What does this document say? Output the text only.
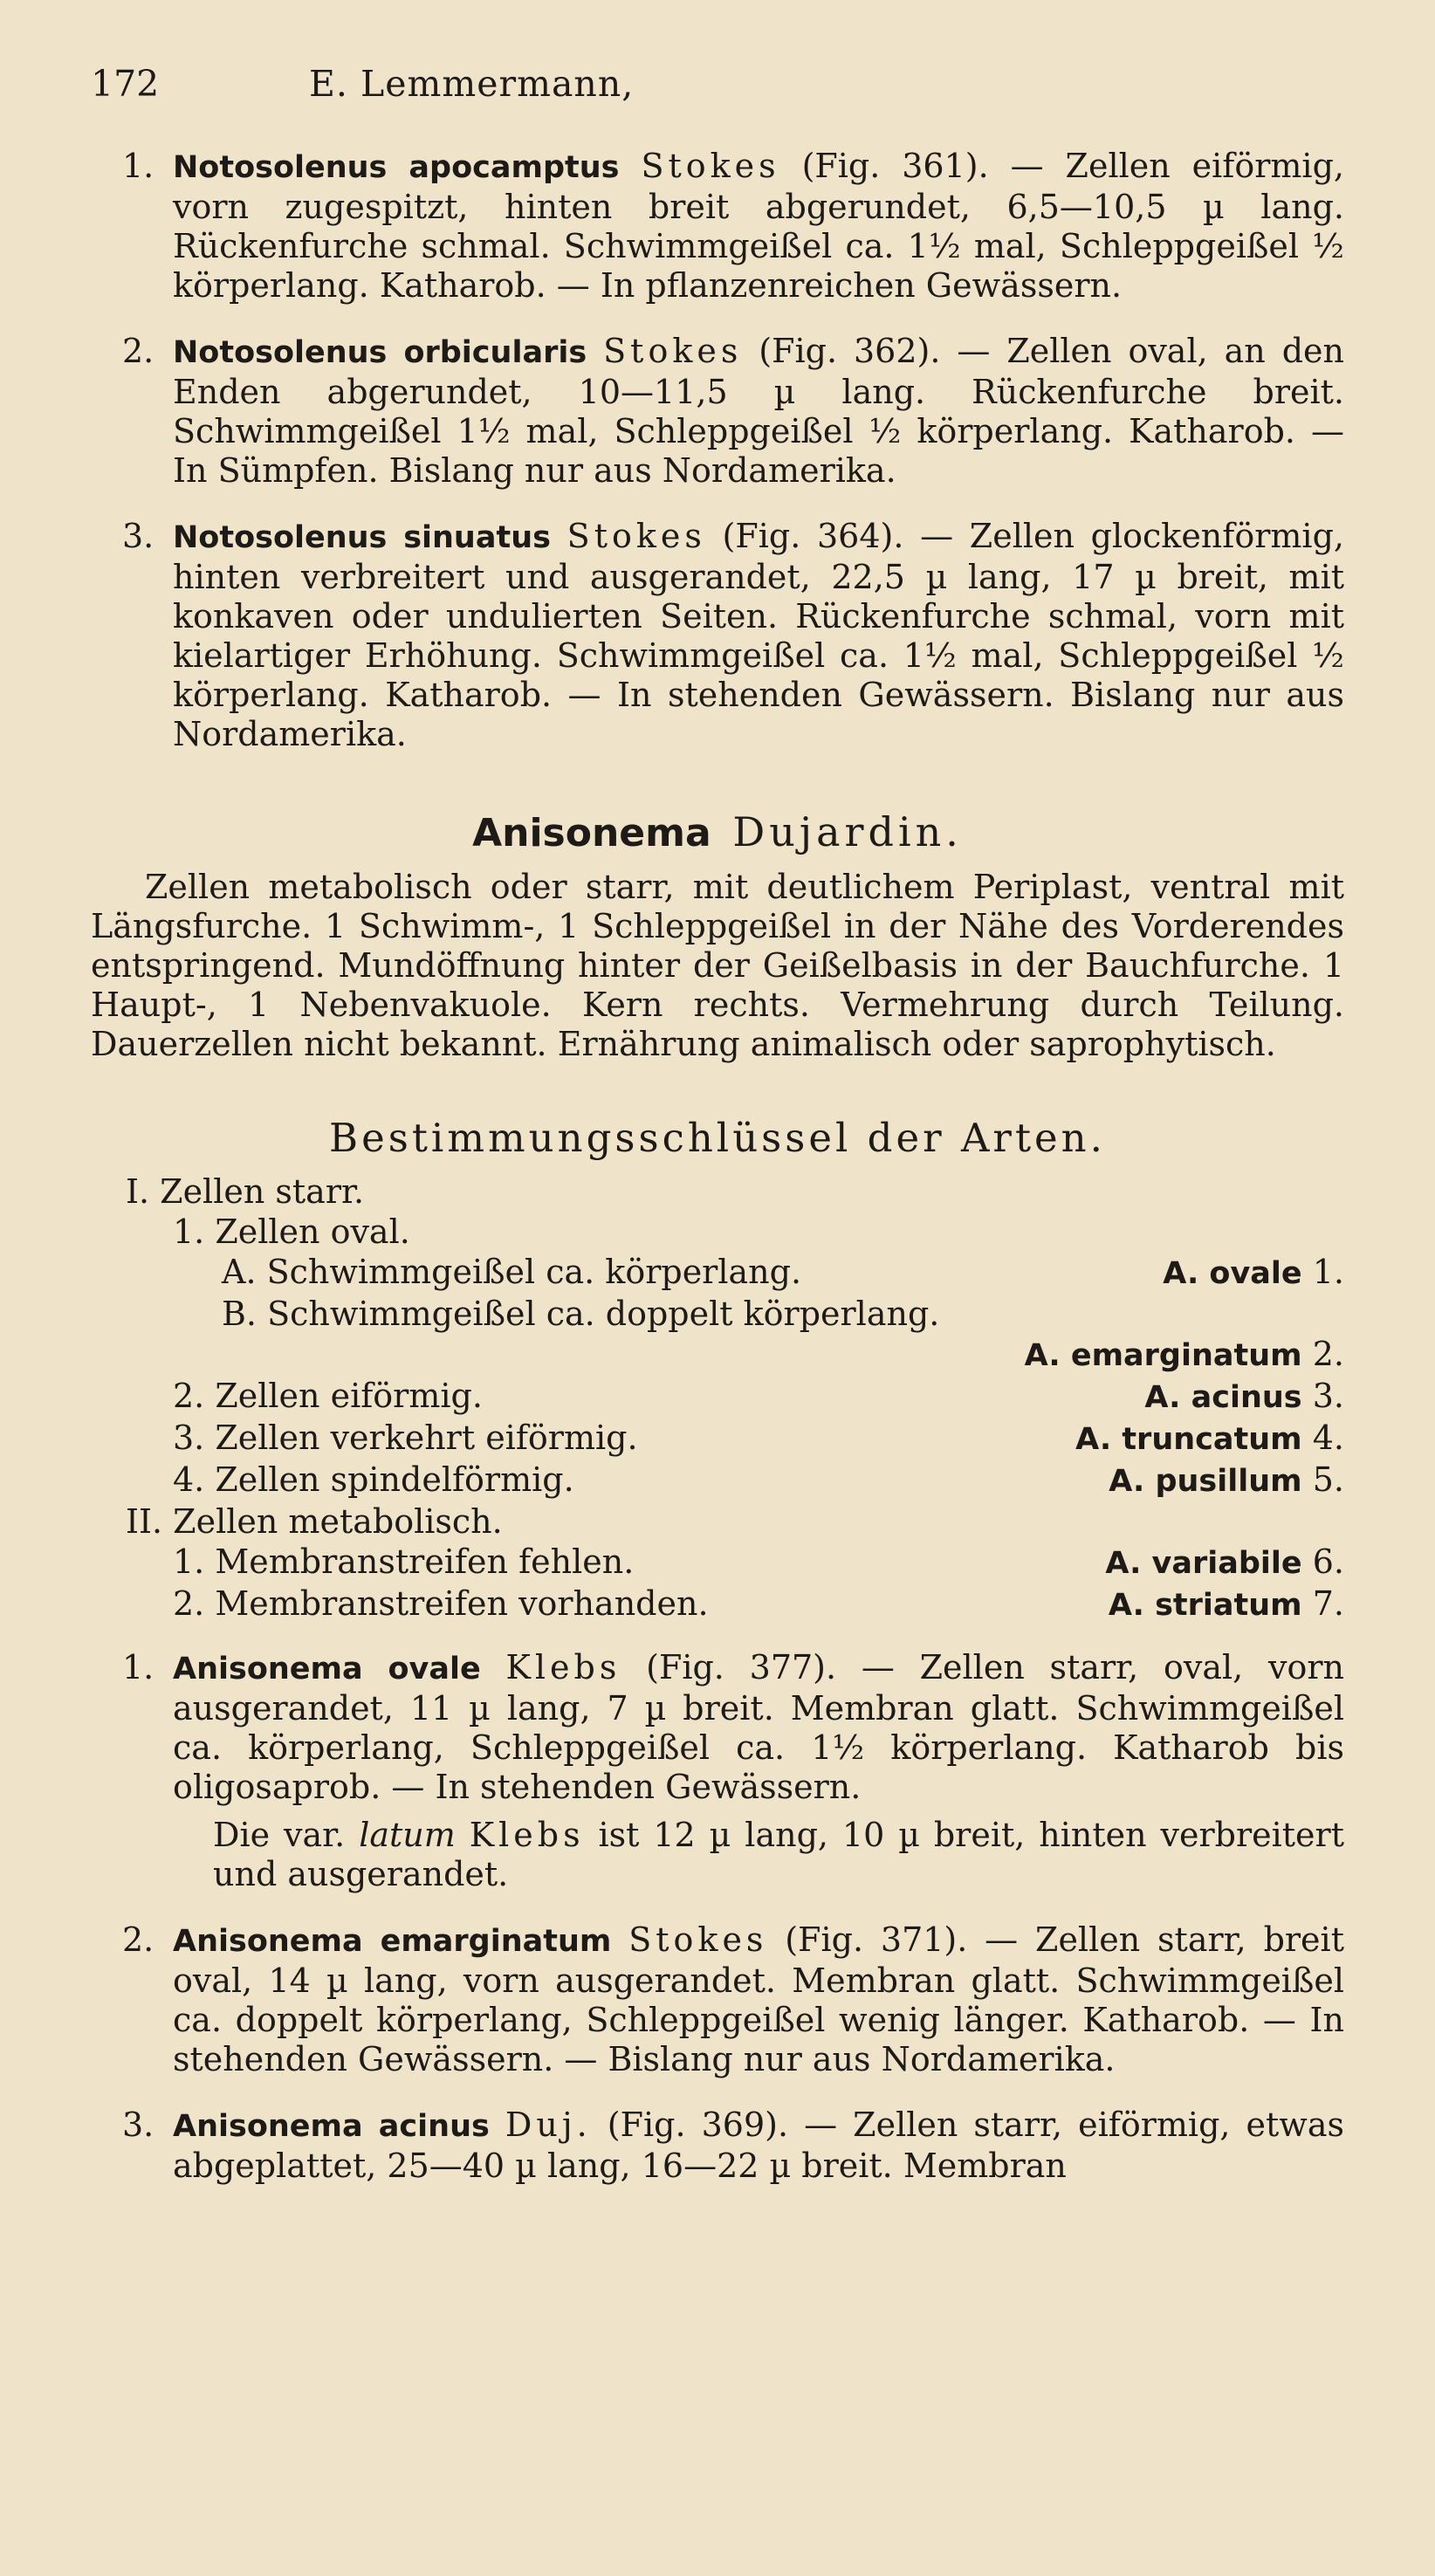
172	E. Lemmermann,
1. Notosolenus apocamptus Stokes (Fig. 361). — Zellen eiförmig, vorn zugespitzt, hinten breit abgerundet, 6,5—10,5 µ lang. Rückenfurche schmal. Schwimmgeißel ca. 1½ mal, Schleppgeißel ½ körperlang. Katharob. — In pflanzenreichen Gewässern.
2. Notosolenus orbicularis Stokes (Fig. 362). — Zellen oval, an den Enden abgerundet, 10—11,5 µ lang. Rückenfurche breit. Schwimmgeißel 1½ mal, Schleppgeißel ½ körperlang. Katharob. — In Sümpfen. Bislang nur aus Nordamerika.
3. Notosolenus sinuatus Stokes (Fig. 364). — Zellen glockenförmig, hinten verbreitert und ausgerandet, 22,5 µ lang, 17 µ breit, mit konkaven oder undulierten Seiten. Rückenfurche schmal, vorn mit kielartiger Erhöhung. Schwimmgeißel ca. 1½ mal, Schleppgeißel ½ körperlang. Katharob. — In stehenden Gewässern. Bislang nur aus Nordamerika.
Anisonema Dujardin.

Zellen metabolisch oder starr, mit deutlichem Periplast, ventral mit Längsfurche. 1 Schwimm-, 1 Schleppgeißel in der Nähe des Vorderendes entspringend. Mundöffnung hinter der Geißelbasis in der Bauchfurche. 1 Haupt-, 1 Nebenvakuole. Kern rechts. Vermehrung durch Teilung. Dauerzellen nicht bekannt. Ernährung animalisch oder saprophytisch.

Bestimmungsschlüssel der Arten.
I. Zellen starr.
1. Zellen oval.
A. Schwimmgeißel ca. körperlang.	A. ovale 1.
B. Schwimmgeißel ca. doppelt körperlang.
A. emarginatum 2.
2. Zellen eiförmig.	A. acinus 3.
3. Zellen verkehrt eiförmig.	A. truncatum 4.
4. Zellen spindelförmig.	A. pusillum 5.
II. Zellen metabolisch.
1. Membranstreifen fehlen.	A. variabile 6.
2. Membranstreifen vorhanden.	A. striatum 7.
1. Anisonema ovale Klebs (Fig. 377). — Zellen starr, oval, vorn ausgerandet, 11 µ lang, 7 µ breit. Membran glatt. Schwimmgeißel ca. körperlang, Schleppgeißel ca. 1½ körperlang. Katharob bis oligosaprob. — In stehenden Gewässern.
Die var. latum Klebs ist 12 µ lang, 10 µ breit, hinten verbreitert und ausgerandet.
2. Anisonema emarginatum Stokes (Fig. 371). — Zellen starr, breit oval, 14 µ lang, vorn ausgerandet. Membran glatt. Schwimmgeißel ca. doppelt körperlang, Schleppgeißel wenig länger. Katharob. — In stehenden Gewässern. — Bislang nur aus Nordamerika.
3. Anisonema acinus Duj. (Fig. 369). — Zellen starr, eiförmig, etwas abgeplattet, 25—40 µ lang, 16—22 µ breit. Membran
